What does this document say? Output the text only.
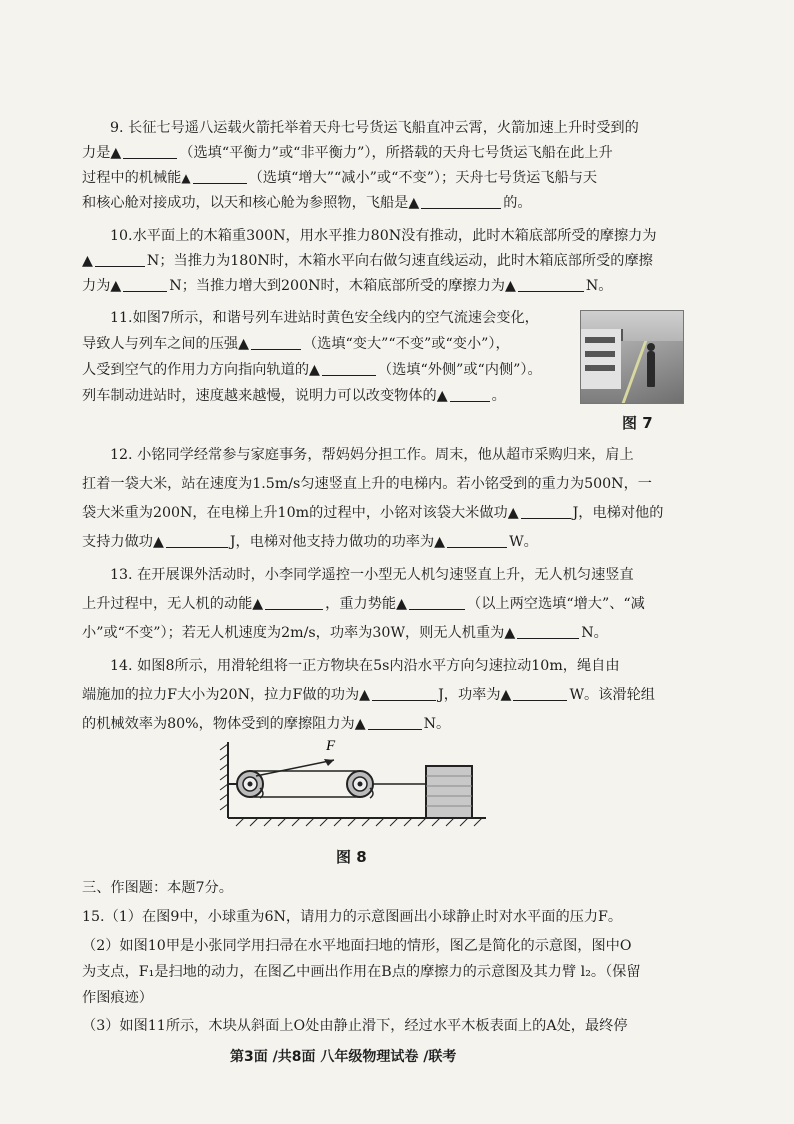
9. 长征七号遥八运载火箭托举着天舟七号货运飞船直冲云霄，火箭加速上升时受到的
力是▲	（选填“平衡力”或“非平衡力”），所搭载的天舟七号货运飞船在此上升
过程中的机械能▲	（选填“增大”“减小”或“不变”）；天舟七号货运飞船与天
和核心舱对接成功，以天和核心舱为参照物，飞船是▲	的。
10.水平面上的木箱重300N，用水平推力80N没有推动，此时木箱底部所受的摩擦力为
▲	N；当推力为180N时，木箱水平向右做匀速直线运动，此时木箱底部所受的摩擦
力为▲	N；当推力增大到200N时，木箱底部所受的摩擦力为▲	N。
11.如图7所示，和谐号列车进站时黄色安全线内的空气流速会变化，
导致人与列车之间的压强▲	（选填“变大”“不变”或“变小”），
人受到空气的作用力方向指向轨道的▲	（选填“外侧”或“内侧”）。
列车制动进站时，速度越来越慢，说明力可以改变物体的▲	。
图 7
12. 小铭同学经常参与家庭事务，帮妈妈分担工作。周末，他从超市采购归来，肩上
扛着一袋大米，站在速度为1.5m/s匀速竖直上升的电梯内。若小铭受到的重力为500N，一
袋大米重为200N，在电梯上升10m的过程中，小铭对该袋大米做功▲	J，电梯对他的
支持力做功▲	J，电梯对他支持力做功的功率为▲	W。
13. 在开展课外活动时，小李同学遥控一小型无人机匀速竖直上升，无人机匀速竖直
上升过程中，无人机的动能▲	，重力势能▲	（以上两空选填“增大”、“减
小”或“不变”）；若无人机速度为2m/s，功率为30W，则无人机重为▲	N。
14. 如图8所示，用滑轮组将一正方物块在5s内沿水平方向匀速拉动10m，绳自由
端施加的拉力F大小为20N，拉力F做的功为▲	J，功率为▲	W。该滑轮组
的机械效率为80%，物体受到的摩擦阻力为▲	N。
F
图 8
三、作图题：本题7分。
15.（1）在图9中，小球重为6N，请用力的示意图画出小球静止时对水平面的压力F。
（2）如图10甲是小张同学用扫帚在水平地面扫地的情形，图乙是简化的示意图，图中O
为支点，F₁是扫地的动力，在图乙中画出作用在B点的摩擦力的示意图及其力臂 l₂。（保留
作图痕迹）
（3）如图11所示，木块从斜面上O处由静止滑下，经过水平木板表面上的A处，最终停
第3面 /共8面 八年级物理试卷 /联考
